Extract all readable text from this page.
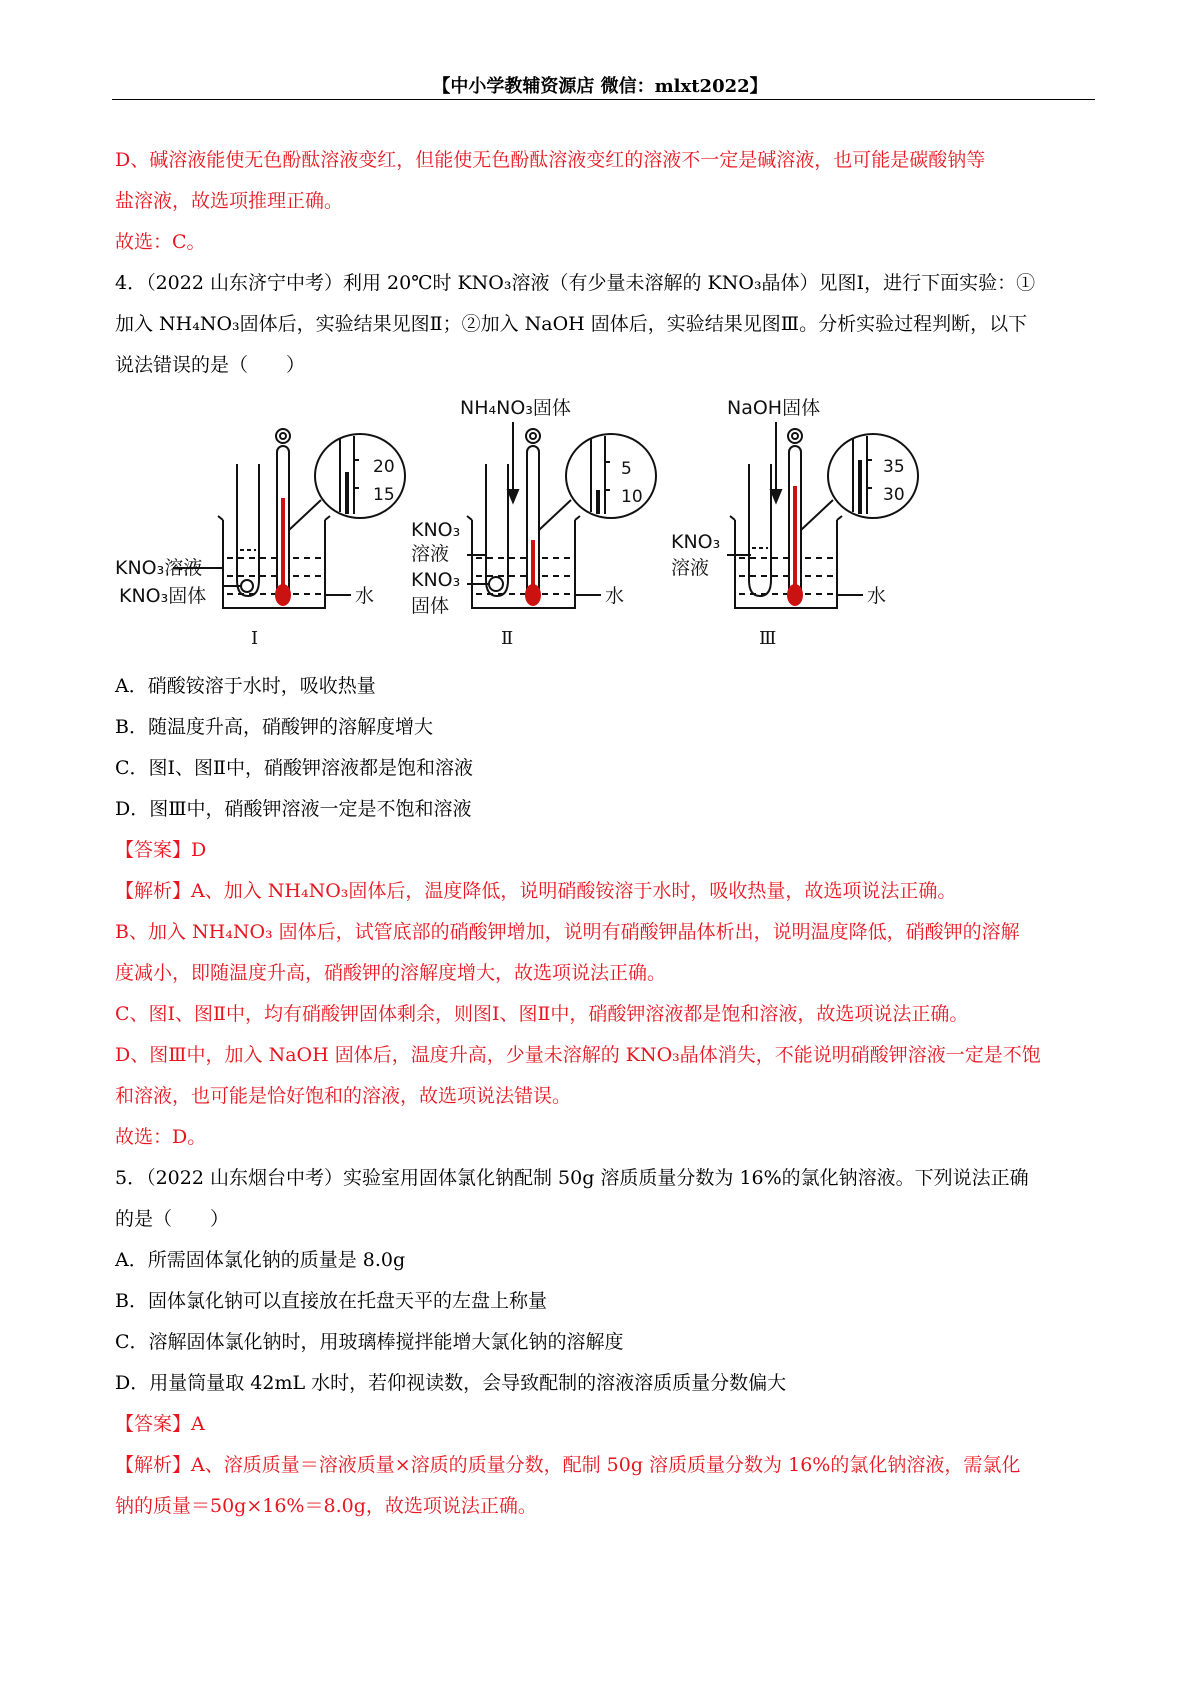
【中小学教辅资源店 微信：mlxt2022】
D、碱溶液能使无色酚酞溶液变红，但能使无色酚酞溶液变红的溶液不一定是碱溶液，也可能是碳酸钠等
盐溶液，故选项推理正确。
故选：C。
4．（2022 山东济宁中考）利用 20℃时 KNO₃溶液（有少量未溶解的 KNO₃晶体）见图Ⅰ，进行下面实验：①
加入 NH₄NO₃固体后，实验结果见图Ⅱ；②加入 NaOH 固体后，实验结果见图Ⅲ。分析实验过程判断，以下
说法错误的是（　　）
20
15
KNO₃溶液
KNO₃固体	水
Ⅰ
NH₄NO₃固体
5
10
KNO₃
溶液
KNO₃
固体	水
Ⅱ
NaOH固体
35
30
KNO₃
溶液
水
Ⅲ
A．硝酸铵溶于水时，吸收热量
B．随温度升高，硝酸钾的溶解度增大
C．图Ⅰ、图Ⅱ中，硝酸钾溶液都是饱和溶液
D．图Ⅲ中，硝酸钾溶液一定是不饱和溶液
【答案】D
【解析】A、加入 NH₄NO₃固体后，温度降低，说明硝酸铵溶于水时，吸收热量，故选项说法正确。
B、加入 NH₄NO₃ 固体后，试管底部的硝酸钾增加，说明有硝酸钾晶体析出，说明温度降低，硝酸钾的溶解
度减小，即随温度升高，硝酸钾的溶解度增大，故选项说法正确。
C、图Ⅰ、图Ⅱ中，均有硝酸钾固体剩余，则图Ⅰ、图Ⅱ中，硝酸钾溶液都是饱和溶液，故选项说法正确。
D、图Ⅲ中，加入 NaOH 固体后，温度升高，少量未溶解的 KNO₃晶体消失，不能说明硝酸钾溶液一定是不饱
和溶液，也可能是恰好饱和的溶液，故选项说法错误。
故选：D。
5．（2022 山东烟台中考）实验室用固体氯化钠配制 50g 溶质质量分数为 16%的氯化钠溶液。下列说法正确
的是（　　）
A．所需固体氯化钠的质量是 8.0g
B．固体氯化钠可以直接放在托盘天平的左盘上称量
C．溶解固体氯化钠时，用玻璃棒搅拌能增大氯化钠的溶解度
D．用量筒量取 42mL 水时，若仰视读数，会导致配制的溶液溶质质量分数偏大
【答案】A
【解析】A、溶质质量＝溶液质量×溶质的质量分数，配制 50g 溶质质量分数为 16%的氯化钠溶液，需氯化
钠的质量＝50g×16%＝8.0g，故选项说法正确。
